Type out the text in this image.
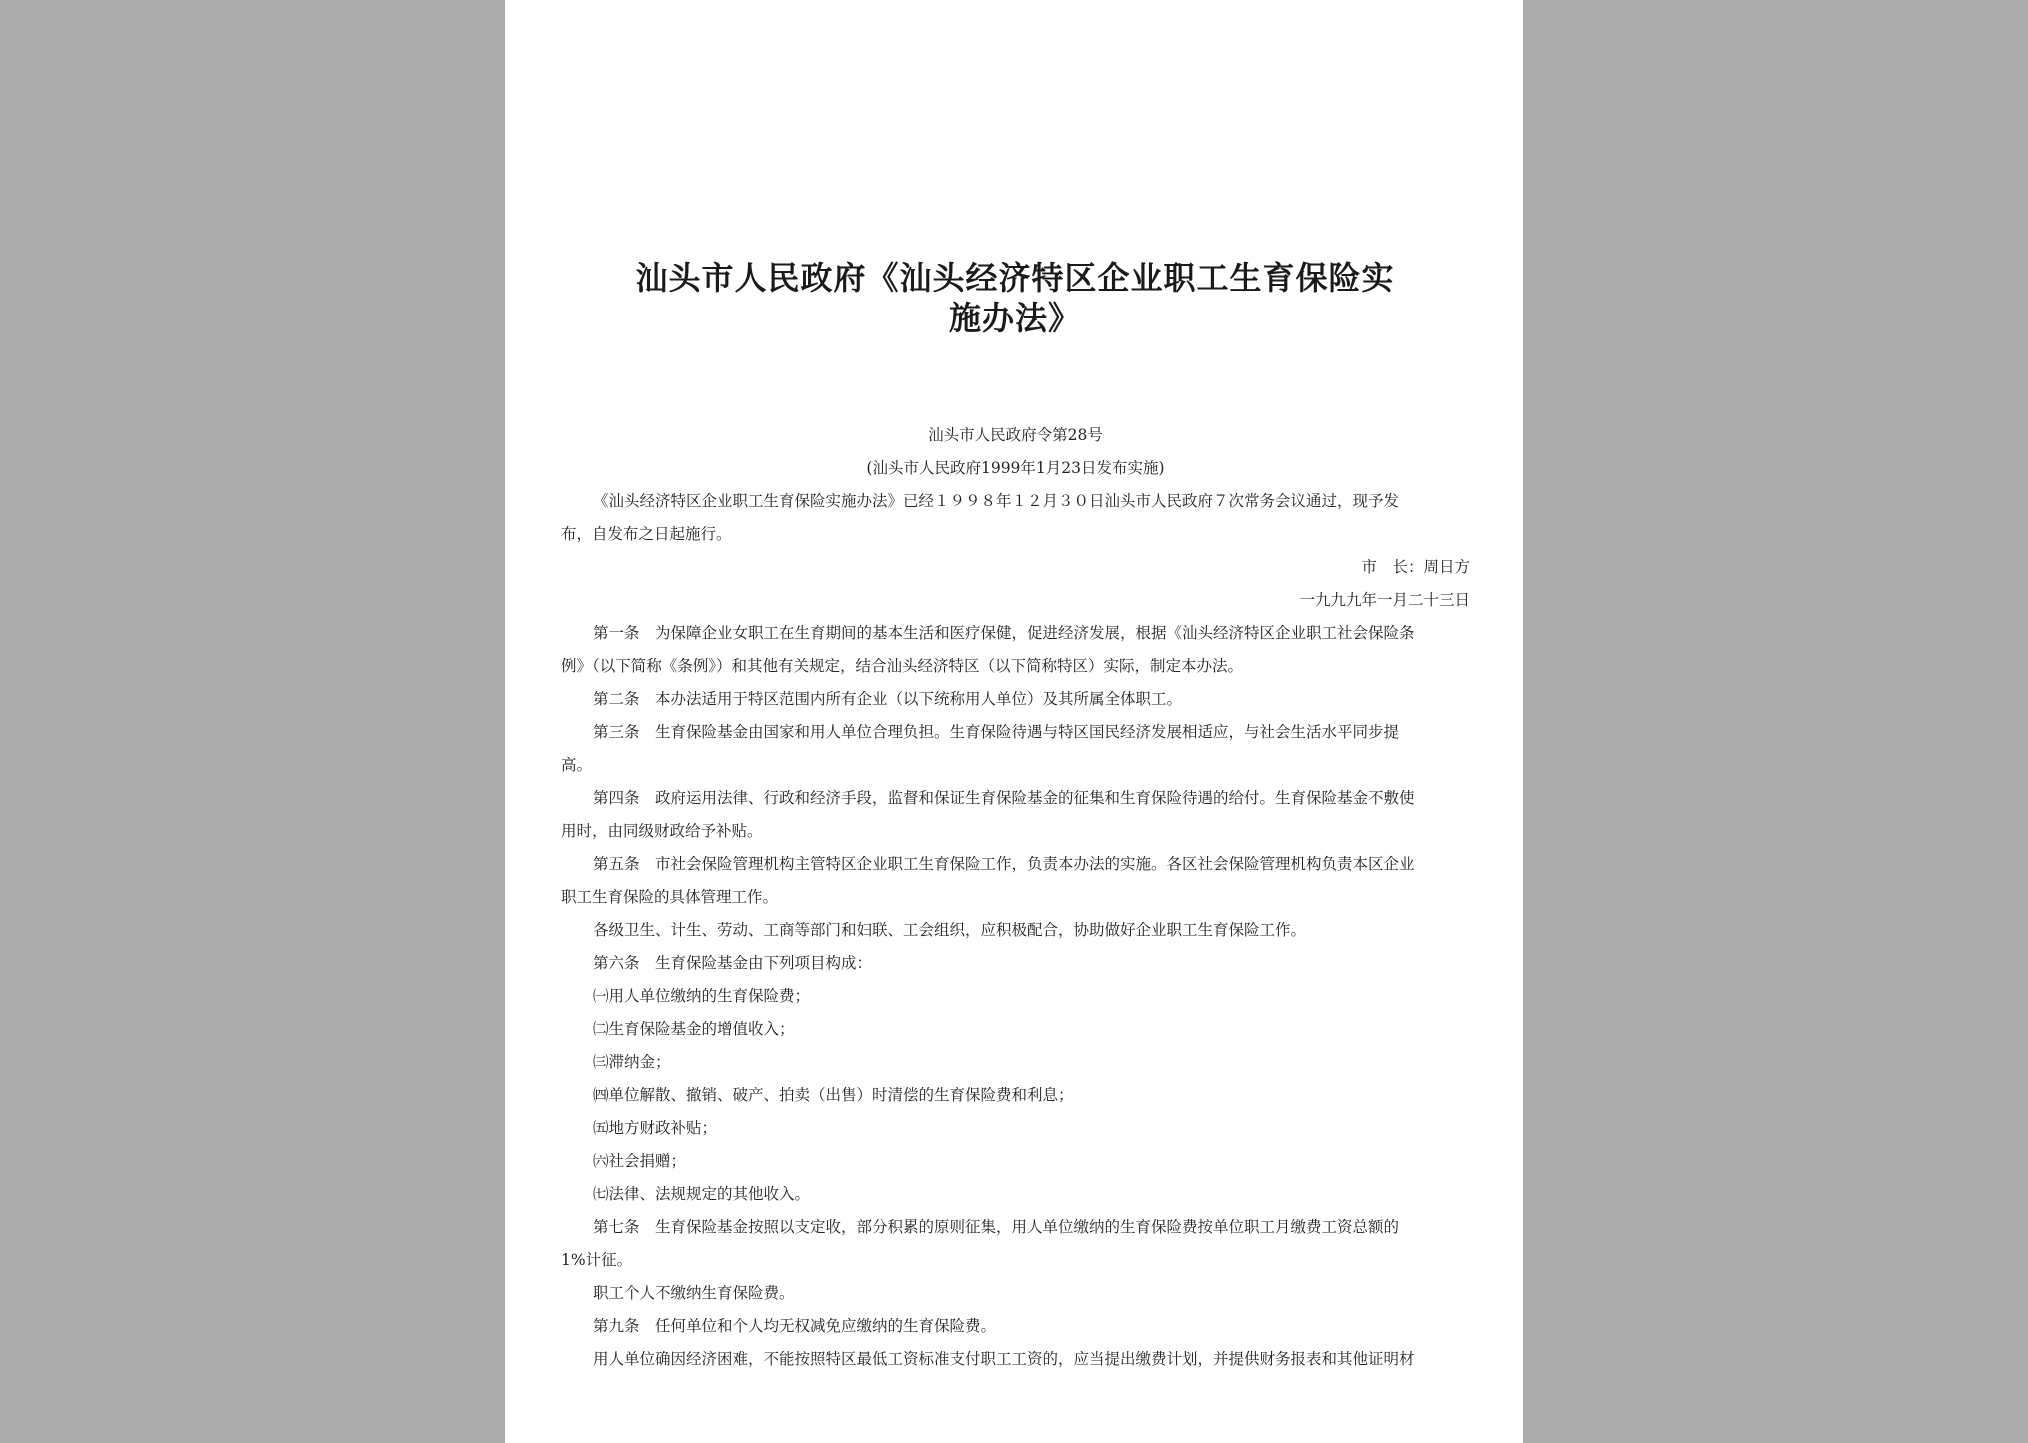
汕头市人民政府《汕头经济特区企业职工生育保险实
施办法》

汕头市人民政府令第28号

(汕头市人民政府1999年1月23日发布实施)

《汕头经济特区企业职工生育保险实施办法》已经１９９８年１２月３０日汕头市人民政府７次常务会议通过，现予发

布，自发布之日起施行。

市　长：周日方

一九九九年一月二十三日

第一条　为保障企业女职工在生育期间的基本生活和医疗保健，促进经济发展，根据《汕头经济特区企业职工社会保险条

例》（以下简称《条例》）和其他有关规定，结合汕头经济特区（以下简称特区）实际，制定本办法。

第二条　本办法适用于特区范围内所有企业（以下统称用人单位）及其所属全体职工。

第三条　生育保险基金由国家和用人单位合理负担。生育保险待遇与特区国民经济发展相适应，与社会生活水平同步提

高。

第四条　政府运用法律、行政和经济手段，监督和保证生育保险基金的征集和生育保险待遇的给付。生育保险基金不敷使

用时，由同级财政给予补贴。

第五条　市社会保险管理机构主管特区企业职工生育保险工作，负责本办法的实施。各区社会保险管理机构负责本区企业

职工生育保险的具体管理工作。

各级卫生、计生、劳动、工商等部门和妇联、工会组织，应积极配合，协助做好企业职工生育保险工作。

第六条　生育保险基金由下列项目构成：

㈠用人单位缴纳的生育保险费；

㈡生育保险基金的增值收入；

㈢滞纳金；

㈣单位解散、撤销、破产、拍卖（出售）时清偿的生育保险费和利息；

㈤地方财政补贴；

㈥社会捐赠；

㈦法律、法规规定的其他收入。

第七条　生育保险基金按照以支定收，部分积累的原则征集，用人单位缴纳的生育保险费按单位职工月缴费工资总额的

1%计征。

职工个人不缴纳生育保险费。

第九条　任何单位和个人均无权减免应缴纳的生育保险费。

用人单位确因经济困难，不能按照特区最低工资标准支付职工工资的，应当提出缴费计划，并提供财务报表和其他证明材
